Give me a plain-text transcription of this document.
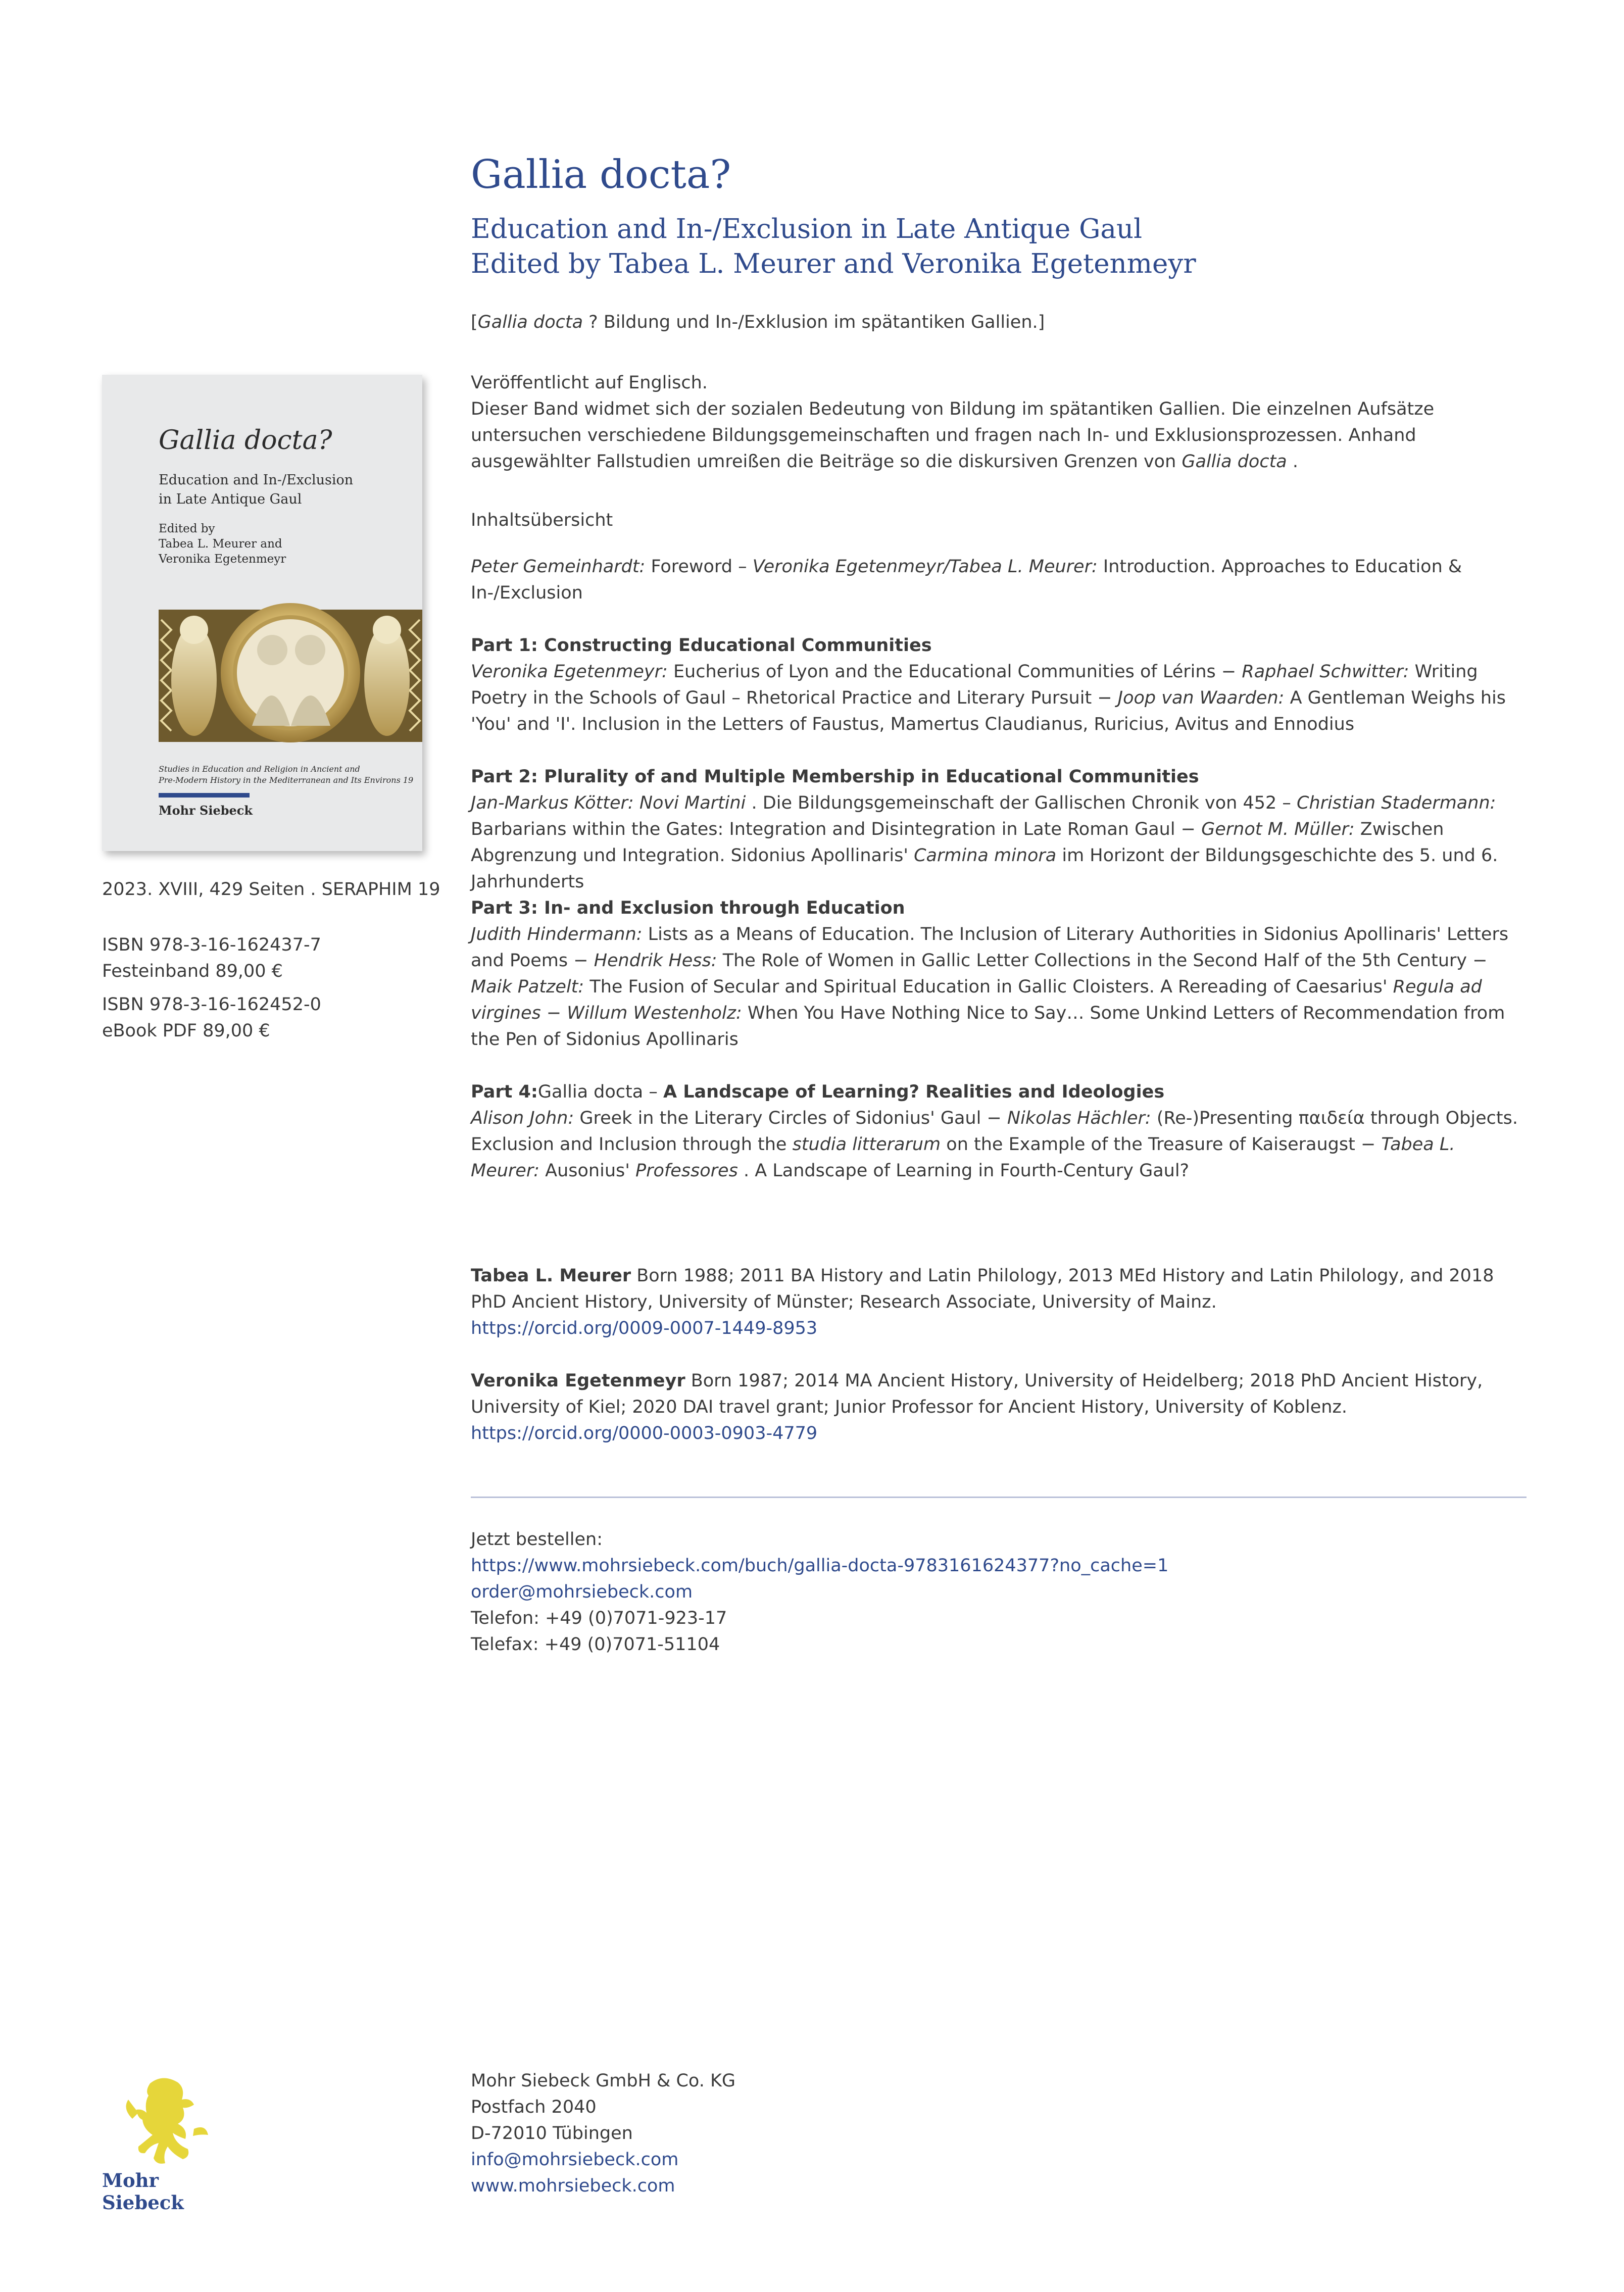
Gallia docta?
Education and In-/Exclusion in Late Antique Gaul
Edited by Tabea L. Meurer and Veronika Egetenmeyr

[Gallia docta ? Bildung und In-/Exklusion im spätantiken Gallien.]

Veröffentlicht auf Englisch.
Dieser Band widmet sich der sozialen Bedeutung von Bildung im spätantiken Gallien. Die einzelnen Aufsätze untersuchen verschiedene Bildungsgemeinschaften und fragen nach In- und Exklusionsprozessen. Anhand ausgewählter Fallstudien umreißen die Beiträge so die diskursiven Grenzen von Gallia docta .

Inhaltsübersicht

Peter Gemeinhardt: Foreword – Veronika Egetenmeyr/Tabea L. Meurer: Introduction. Approaches to Education & In-/Exclusion

Part 1: Constructing Educational Communities
Veronika Egetenmeyr: Eucherius of Lyon and the Educational Communities of Lérins − Raphael Schwitter: Writing Poetry in the Schools of Gaul – Rhetorical Practice and Literary Pursuit − Joop van Waarden: A Gentleman Weighs his 'You' and 'I'. Inclusion in the Letters of Faustus, Mamertus Claudianus, Ruricius, Avitus and Ennodius
Part 2: Plurality of and Multiple Membership in Educational Communities
Jan-Markus Kötter: Novi Martini . Die Bildungsgemeinschaft der Gallischen Chronik von 452 – Christian Stadermann: Barbarians within the Gates: Integration and Disintegration in Late Roman Gaul − Gernot M. Müller: Zwischen Abgrenzung und Integration. Sidonius Apollinaris' Carmina minora im Horizont der Bildungsgeschichte des 5. und 6. Jahrhunderts
Part 3: In- and Exclusion through Education
Judith Hindermann: Lists as a Means of Education. The Inclusion of Literary Authorities in Sidonius Apollinaris' Letters and Poems − Hendrik Hess: The Role of Women in Gallic Letter Collections in the Second Half of the 5th Century − Maik Patzelt: The Fusion of Secular and Spiritual Education in Gallic Cloisters. A Rereading of Caesarius' Regula ad virgines − Willum Westenholz: When You Have Nothing Nice to Say… Some Unkind Letters of Recommendation from the Pen of Sidonius Apollinaris
Part 4:Gallia docta – A Landscape of Learning? Realities and Ideologies
Alison John: Greek in the Literary Circles of Sidonius' Gaul − Nikolas Hächler: (Re-)Presenting παιδεία through Objects. Exclusion and Inclusion through the studia litterarum on the Example of the Treasure of Kaiseraugst − Tabea L. Meurer: Ausonius' Professores . A Landscape of Learning in Fourth-Century Gaul?
Tabea L. Meurer Born 1988; 2011 BA History and Latin Philology, 2013 MEd History and Latin Philology, and 2018 PhD Ancient History, University of Münster; Research Associate, University of Mainz.
https://orcid.org/0009-0007-1449-8953
Veronika Egetenmeyr Born 1987; 2014 MA Ancient History, University of Heidelberg; 2018 PhD Ancient History, University of Kiel; 2020 DAI travel grant; Junior Professor for Ancient History, University of Koblenz.
https://orcid.org/0000-0003-0903-4779
Jetzt bestellen:
https://www.mohrsiebeck.com/buch/gallia-docta-9783161624377?no_cache=1
order@mohrsiebeck.com
Telefon: +49 (0)7071-923-17
Telefax: +49 (0)7071-51104

Gallia docta?

Education and In-/Exclusion
in Late Antique Gaul

Edited by
Tabea L. Meurer and
Veronika Egetenmeyr

Studies in Education and Religion in Ancient and
Pre-Modern History in the Mediterranean and Its Environs 19

Mohr Siebeck

2023. XVIII, 429 Seiten . SERAPHIM 19

ISBN 978-3-16-162437-7
Festeinband 89,00 €

ISBN 978-3-16-162452-0
eBook PDF 89,00 €
Mohr Siebeck GmbH & Co. KG
Postfach 2040
D-72010 Tübingen
info@mohrsiebeck.com
www.mohrsiebeck.com
Mohr Siebeck
